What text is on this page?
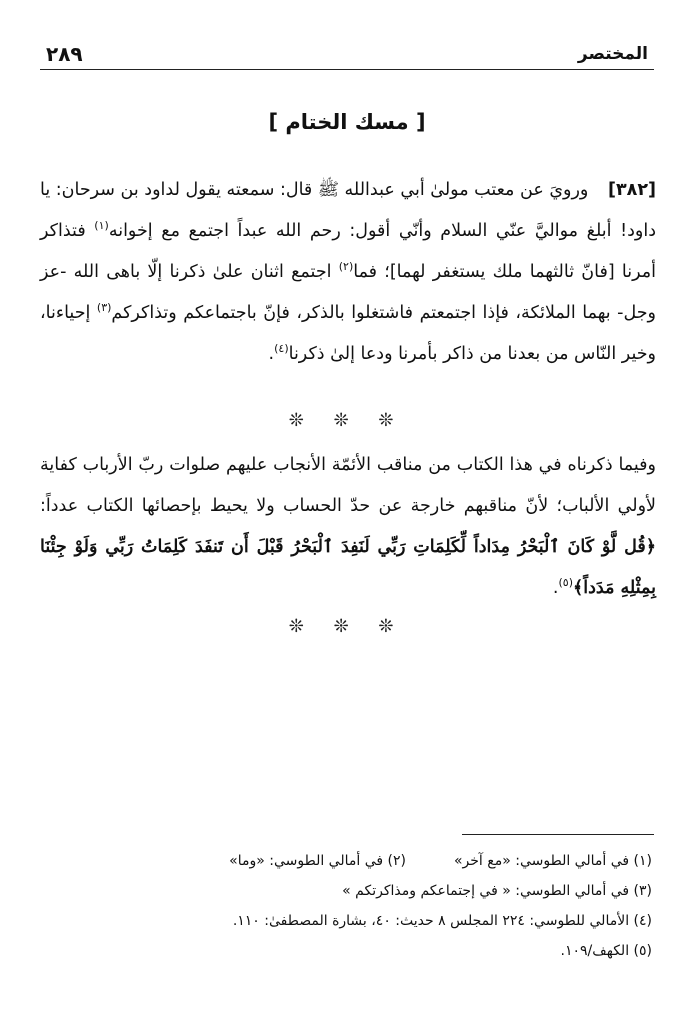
٢٨٩	المختصر
[ مسك الختام ]
[٣٨٢] ورويَ عن معتب مولىٰ أبي عبدالله ﷺ قال: سمعته يقول لداود بن سرحان: يا داود! أبلغ مواليَّ عنّي السلام وأنّي أقول: رحم الله عبداً اجتمع مع إخوانه$^{(١)}$ فتذاكر أمرنا [فانّ ثالثهما ملك يستغفر لهما]؛ فما$^{(٢)}$ اجتمع اثنان علىٰ ذكرنا إلّا باهى الله -عز وجل- بهما الملائكة، فإذا اجتمعتم فاشتغلوا بالذكر، فإنّ باجتماعكم وتذاكركم$^{(٣)}$ إحياءنا، وخير النّاس من بعدنا من ذاكر بأمرنا ودعا إلىٰ ذكرنا$^{(٤)}$.
❊ ❊ ❊
وفيما ذكرناه في هذا الكتاب من مناقب الأئمّة الأنجاب عليهم صلوات ربّ الأرباب كفاية لأولي الألباب؛ لأنّ مناقبهم خارجة عن حدّ الحساب ولا يحيط بإحصائها الكتاب عدداً: ﴿قُل لَّوْ كَانَ ٱلْبَحْرُ مِدَاداً لِّكَلِمَاتِ رَبِّي لَنَفِدَ ٱلْبَحْرُ قَبْلَ أَن تَنفَدَ كَلِمَاتُ رَبِّي وَلَوْ جِئْنَا بِمِثْلِهِ مَدَداً﴾$^{(٥)}$.
❊ ❊ ❊
(١) في أمالي الطوسي: «مع آخر»(٢) في أمالي الطوسي: «وما»
(٣) في أمالي الطوسي: « في إجتماعكم ومذاكرتكم »
(٤) الأمالي للطوسي: ٢٢٤ المجلس ٨ حديث: ٤٠، بشارة المصطفىٰ: ١١٠.
(٥) الكهف/١٠٩.
